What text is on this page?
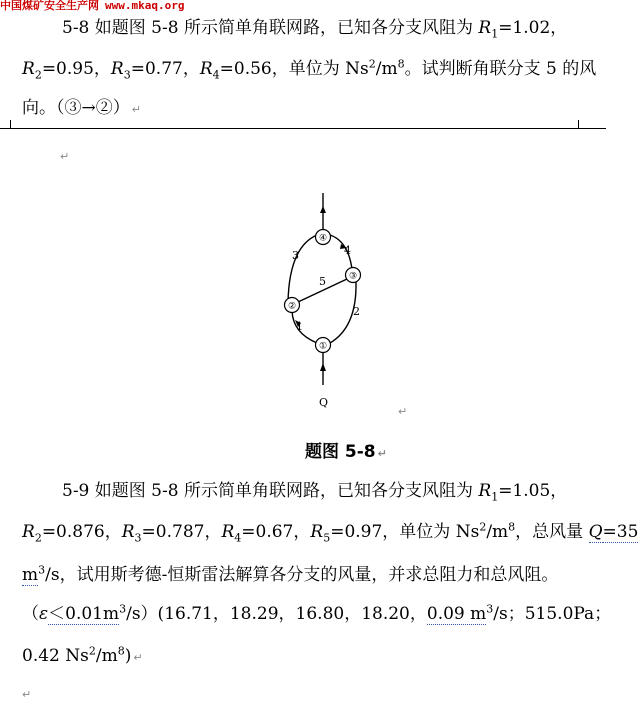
中国煤矿安全生产网 www.mkaq.org
5-8 如题图 5-8 所示简单角联网路，已知各分支风阻为 $R_1=1.02$，
$R_2=0.95$，$R_3=0.77$，$R_4=0.56$，单位为 $Ns^2/m^8$。试判断角联分支 5 的风
向。（③→②） ↵
↵
④
③
②
①
3	4
5
2
1
Q
↵
题图 5-8 ↵
5-9 如题图 5-8 所示简单角联网路，已知各分支风阻为 $R_1=1.05$，
$R_2=0.876$，$R_3=0.787$，$R_4=0.67$，$R_5=0.97$，单位为 $Ns^2/m^8$，总风量 Q=35
$m^3/s$，试用斯考德-恒斯雷法解算各分支的风量，并求总阻力和总风阻。
$(\varepsilon<0.01m^3/s)(16.71$，18.29，16.80，18.20，0.09 $m^3/s$；515.0Pa；
0.42 $Ns^2/m^8$) ↵
↵
